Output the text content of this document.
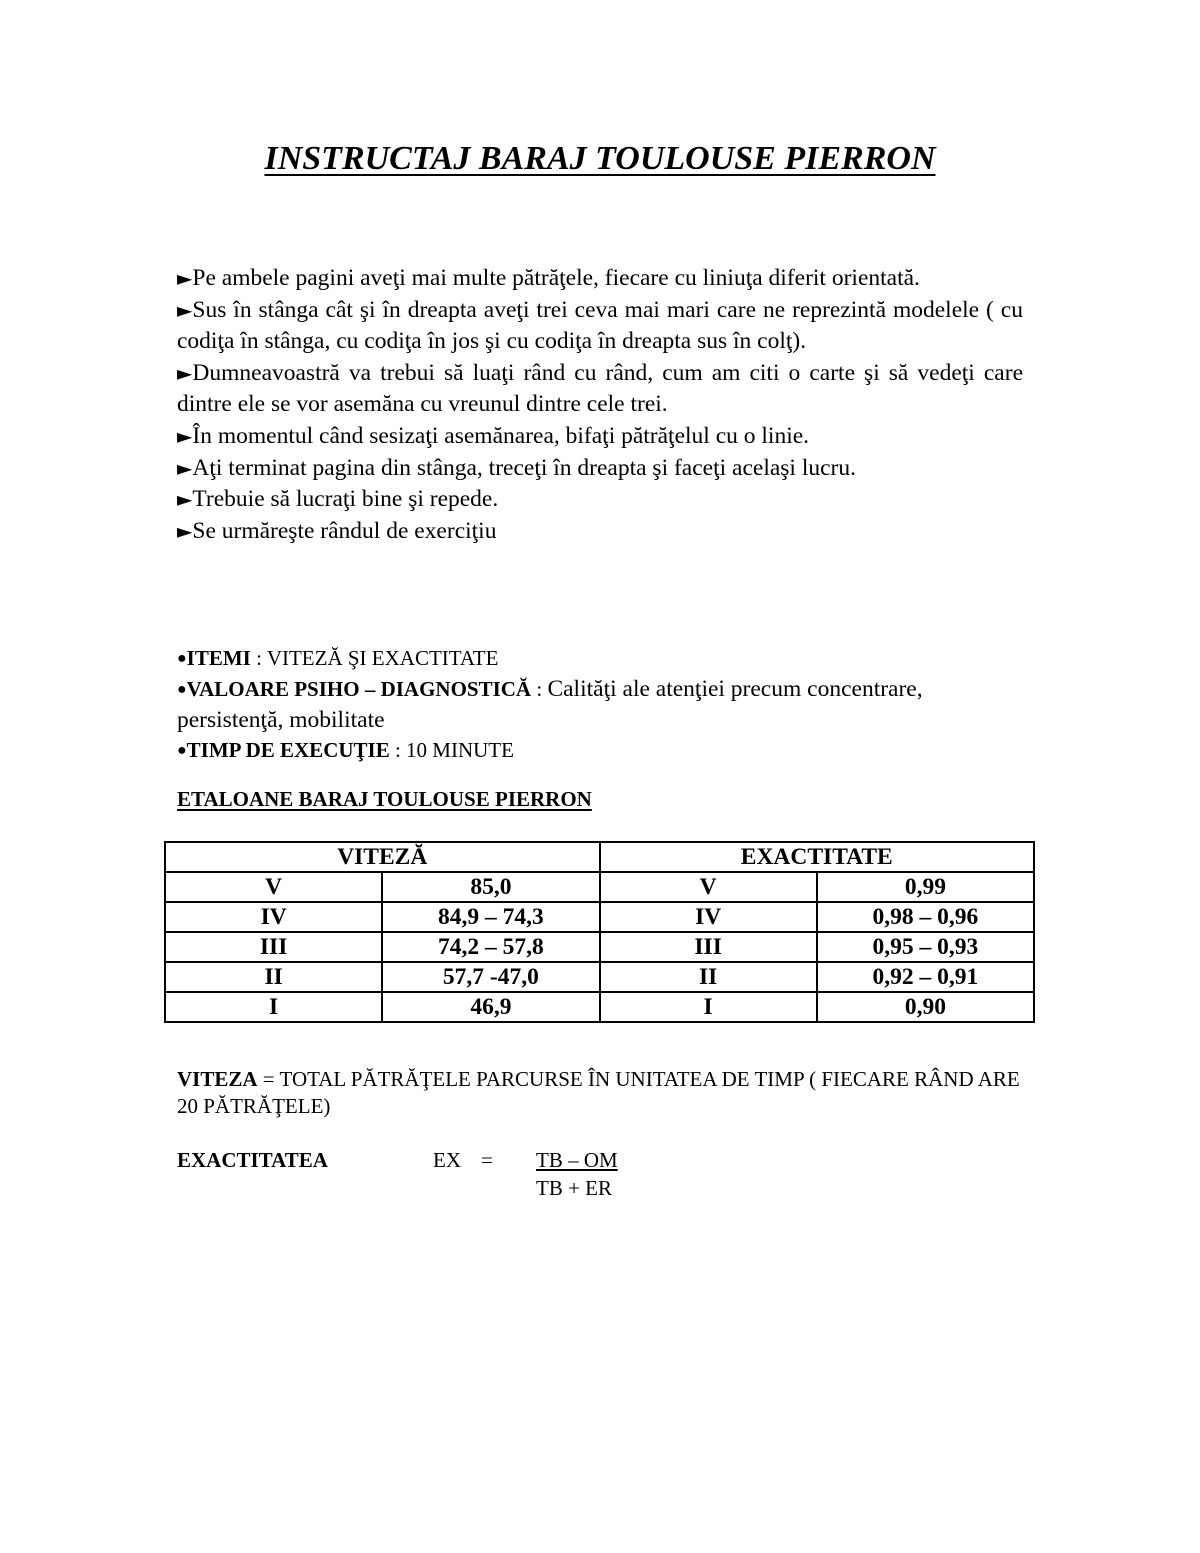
INSTRUCTAJ BARAJ TOULOUSE PIERRON

►Pe ambele pagini aveţi mai multe pătrăţele, fiecare cu liniuţa diferit orientată.

►Sus în stânga cât şi în dreapta aveţi trei ceva mai mari care ne reprezintă modelele ( cu codiţa în stânga, cu codiţa în jos şi cu codiţa în dreapta sus în colţ).

►Dumneavoastră va trebui să luaţi rând cu rând, cum am citi o carte şi să vedeţi care dintre ele se vor asemăna cu vreunul dintre cele trei.

►În momentul când sesizaţi asemănarea, bifaţi pătrăţelul cu o linie.

►Aţi terminat pagina din stânga, treceţi în dreapta şi faceţi acelaşi lucru.

►Trebuie să lucraţi bine şi repede.

►Se urmăreşte rândul de exerciţiu

●ITEMI : VITEZĂ ŞI EXACTITATE
●VALOARE PSIHO – DIAGNOSTICĂ : Calităţi ale atenţiei precum concentrare, persistenţă, mobilitate
●TIMP DE EXECUŢIE : 10 MINUTE
ETALOANE BARAJ TOULOUSE PIERRON
VITEZĂ		EXACTITATE	
V	85,0	V	0,99
IV	84,9 – 74,3	IV	0,98 – 0,96
III	74,2 – 57,8	III	0,95 – 0,93
II	57,7 -47,0	II	0,92 – 0,91
I	46,9	I	0,90
VITEZA = TOTAL PĂTRĂŢELE PARCURSE ÎN UNITATEA DE TIMP ( FIECARE RÂND ARE 20 PĂTRĂŢELE)
EXACTITATEA	EX = TB – OM
TB + ER
